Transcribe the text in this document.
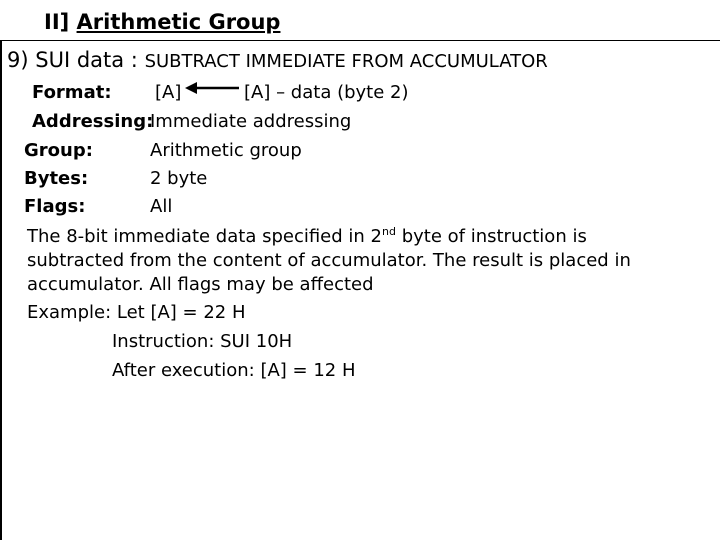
II] Arithmetic Group
9) SUI data : SUBTRACT IMMEDIATE FROM ACCUMULATOR
Format: [A]	[A] – data (byte 2)
Addressing:
Immediate addressing
Group:	Arithmetic group
Bytes:	2 byte
Flags:	All
The 8-bit immediate data specified in 2nd byte of instruction is
subtracted from the content of accumulator. The result is placed in
accumulator. All flags may be affected
Example: Let [A] = 22 H
Instruction: SUI 10H
After execution: [A] = 12 H
